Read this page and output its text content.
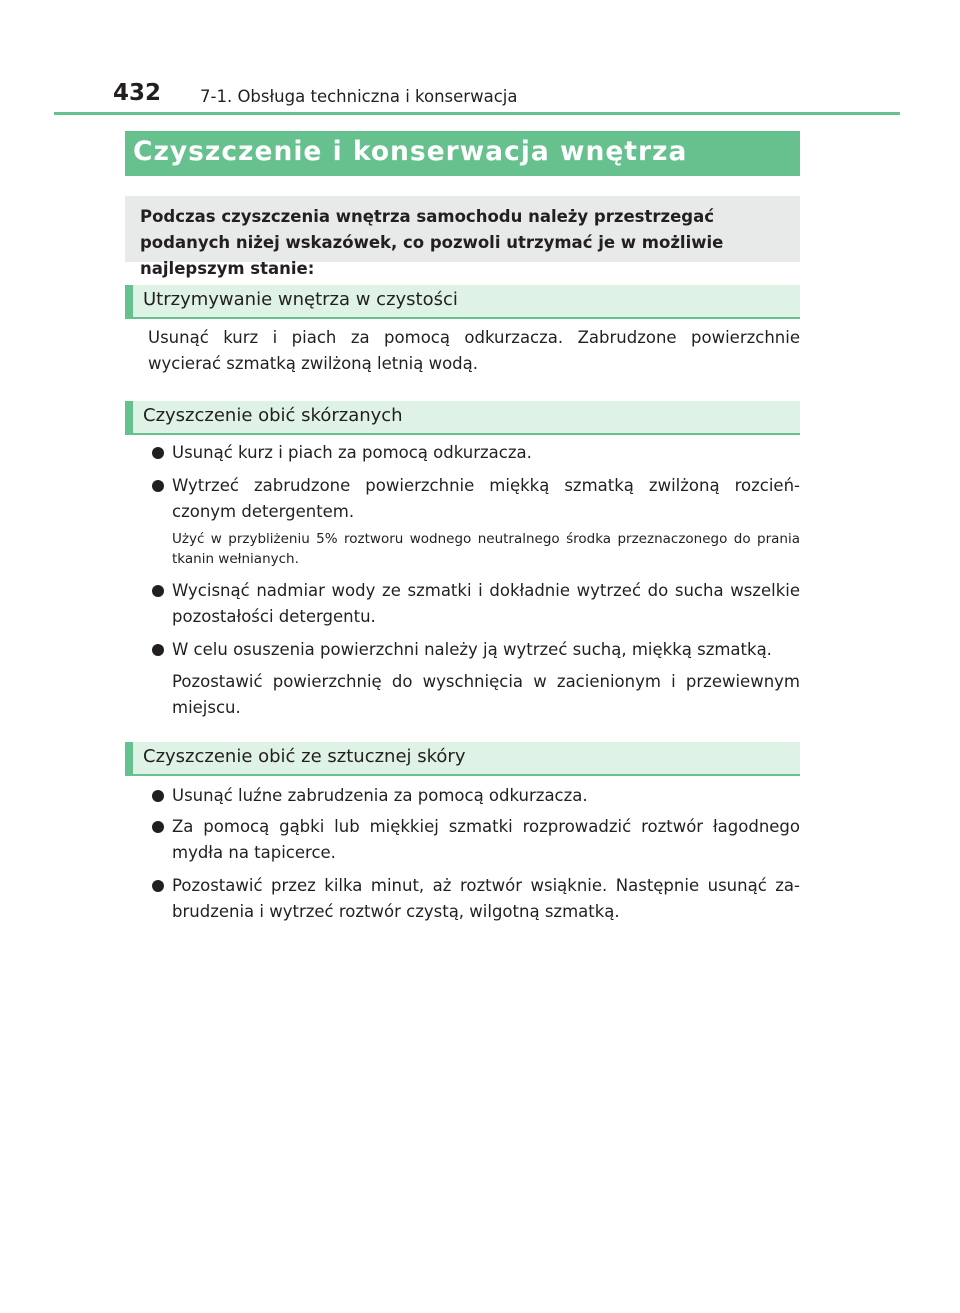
432 7-1. Obsługa techniczna i konserwacja
Czyszczenie i konserwacja wnętrza

Podczas czyszczenia wnętrza samochodu należy przestrzegać podanych niżej wskazówek, co pozwoli utrzymać je w możliwie najlepszym stanie:

Utrzymywanie wnętrza w czystości

Usunąć kurz i piach za pomocą odkurzacza. Zabrudzone powierzchnie wycierać szmatką zwilżoną letnią wodą.

Czyszczenie obić skórzanych

Usunąć kurz i piach za pomocą odkurzacza.

Wytrzeć zabrudzone powierzchnie miękką szmatką zwilżoną rozcień-czonym detergentem.

Użyć w przybliżeniu 5% roztworu wodnego neutralnego środka przeznaczonego do prania tkanin wełnianych.

Wycisnąć nadmiar wody ze szmatki i dokładnie wytrzeć do sucha wszelkie pozostałości detergentu.

W celu osuszenia powierzchni należy ją wytrzeć suchą, miękką szmatką.

Pozostawić powierzchnię do wyschnięcia w zacienionym i przewiewnym miejscu.

Czyszczenie obić ze sztucznej skóry

Usunąć luźne zabrudzenia za pomocą odkurzacza.

Za pomocą gąbki lub miękkiej szmatki rozprowadzić roztwór łagodnego mydła na tapicerce.

Pozostawić przez kilka minut, aż roztwór wsiąknie. Następnie usunąć za-brudzenia i wytrzeć roztwór czystą, wilgotną szmatką.
